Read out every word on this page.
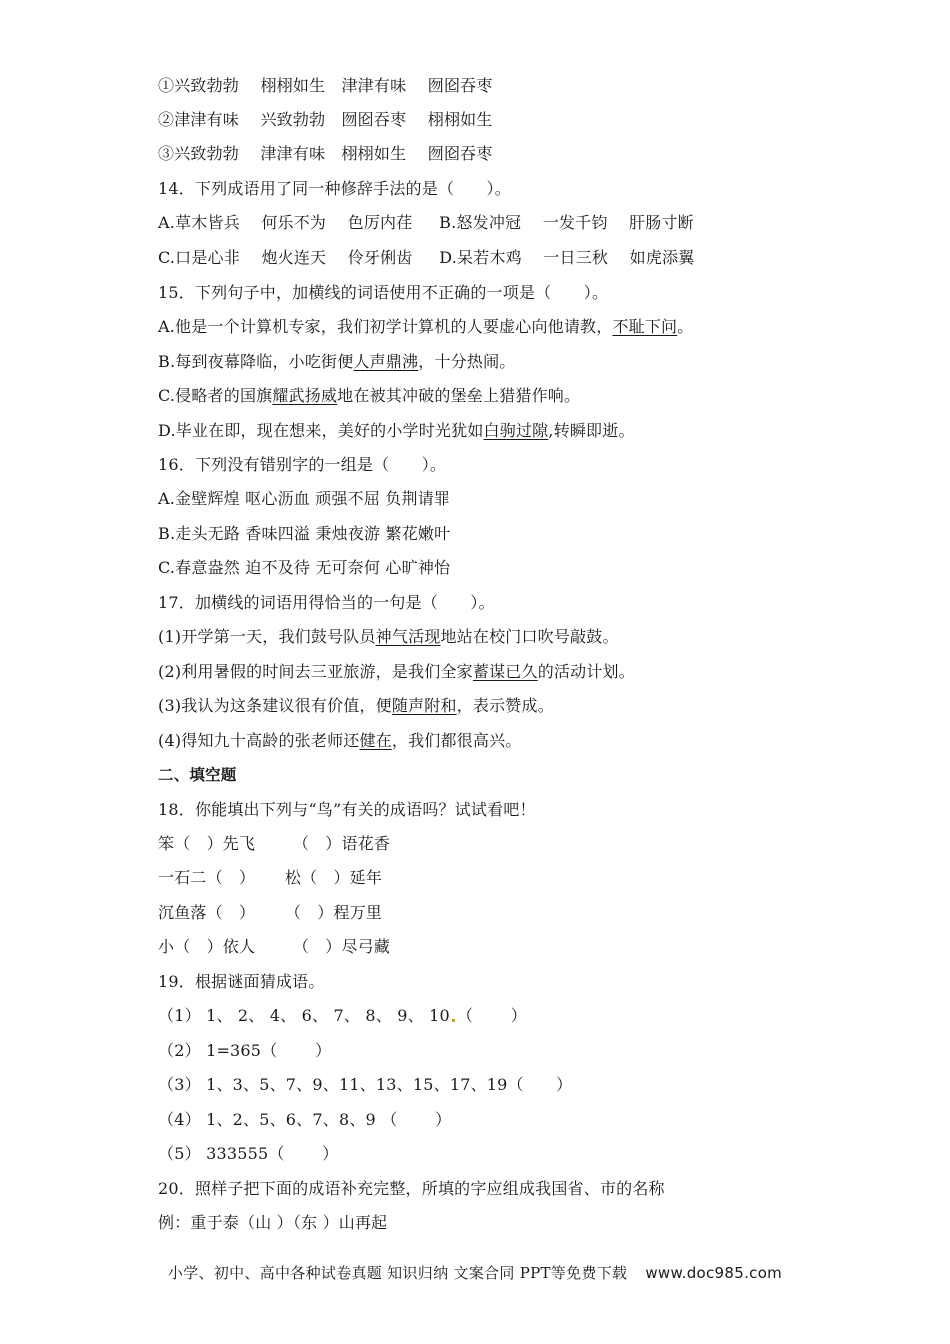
①兴致勃勃　 栩栩如生　津津有味　 囫囵吞枣
②津津有味　 兴致勃勃　囫囵吞枣　 栩栩如生
③兴致勃勃　 津津有味　栩栩如生　 囫囵吞枣
14．下列成语用了同一种修辞手法的是（　　）。
A.草木皆兵　 何乐不为　 色厉内荏　  B.怒发冲冠　 一发千钧　 肝肠寸断
C.口是心非　 炮火连天　 伶牙俐齿　  D.呆若木鸡　 一日三秋　 如虎添翼
15．下列句子中，加横线的词语使用不正确的一项是（　　）。
A.他是一个计算机专家，我们初学计算机的人要虚心向他请教，不耻下问。
B.每到夜幕降临，小吃街便人声鼎沸，十分热闹。
C.侵略者的国旗耀武扬威地在被其冲破的堡垒上猎猎作响。
D.毕业在即，现在想来，美好的小学时光犹如白驹过隙,转瞬即逝。
16．下列没有错别字的一组是（　　）。
A.金壁辉煌 呕心沥血 顽强不屈 负荆请罪
B.走头无路 香味四溢 秉烛夜游 繁花嫩叶
C.春意盎然 迫不及待 无可奈何 心旷神怡
17．加横线的词语用得恰当的一句是（　　）。
(1)开学第一天，我们鼓号队员神气活现地站在校门口吹号敲鼓。
(2)利用暑假的时间去三亚旅游，是我们全家蓄谋已久的活动计划。
(3)我认为这条建议很有价值，便随声附和，表示赞成。
(4)得知九十高龄的张老师还健在，我们都很高兴。
二、填空题
18．你能填出下列与“鸟”有关的成语吗？试试看吧！
笨（　）先飞　　 （　）语花香
一石二（　）　　 松（　）延年
沉鱼落（　）　　 （　）程万里
小（　）依人　　 （　）尽弓藏
19．根据谜面猜成语。
（1） 1、 2、 4、 6、 7、 8、 9、 10 （　　 ）
（2） 1=365（　　 ）
（3） 1、3、5、7、9、11、13、15、17、19（　　）
（4） 1、2、5、6、7、8、9 （　　 ）
（5） 333555（　　 ）
20．照样子把下面的成语补充完整，所填的字应组成我国省、市的名称
例：重于泰（山 ）（东 ）山再起
小学、初中、高中各种试卷真题 知识归纳 文案合同 PPT等免费下载 www.doc985.com
